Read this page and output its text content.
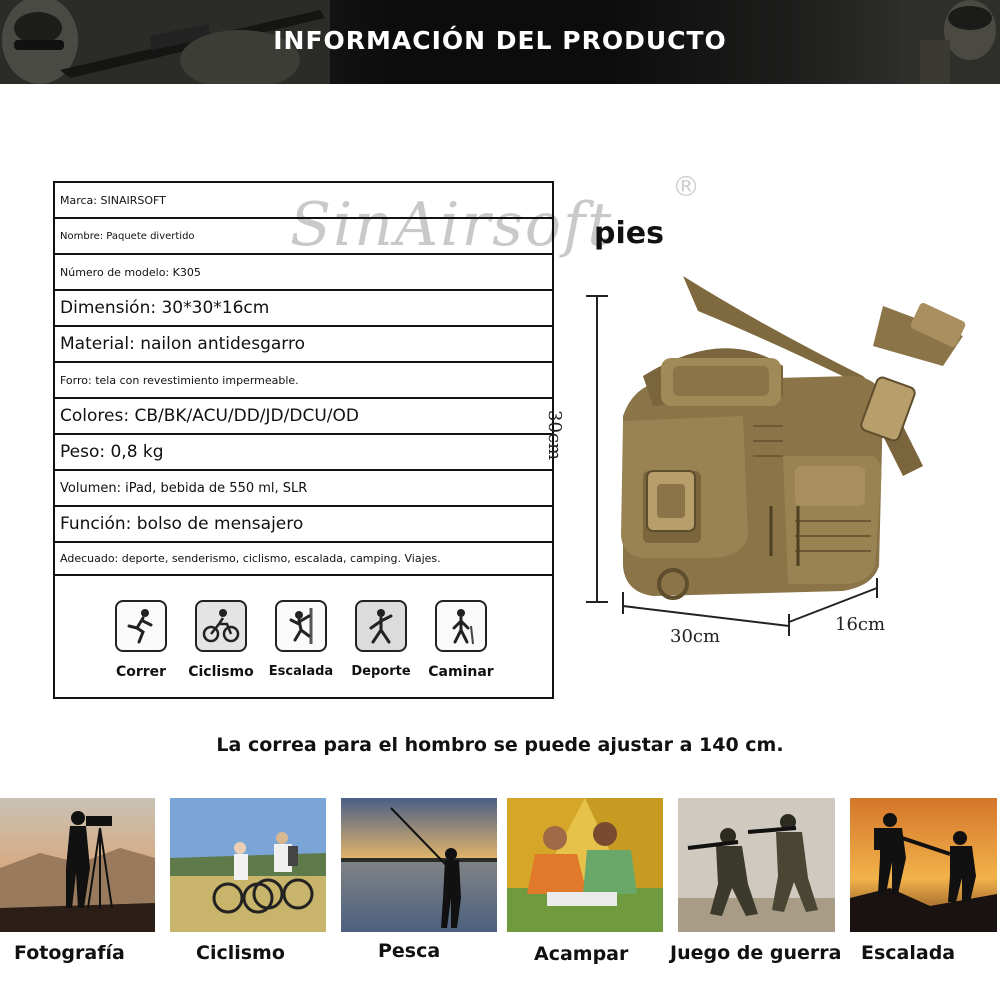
INFORMACIÓN DEL PRODUCTO
SinAirsoft
®
pies
Marca: SINAIRSOFT
Nombre: Paquete divertido
Número de modelo: K305
Dimensión: 30*30*16cm
Material: nailon antidesgarro
Forro: tela con revestimiento impermeable.
Colores: CB/BK/ACU/DD/JD/DCU/OD
Peso: 0,8 kg
Volumen: iPad, bebida de 550 ml, SLR
Función: bolso de mensajero
Adecuado: deporte, senderismo, ciclismo, escalada, camping. Viajes.
Correr	Ciclismo	Escalada	Deporte	Caminar
30cm
30cm
16cm
La correa para el hombro se puede ajustar a 140 cm.
Fotografía	Ciclismo	Pesca	Acampar Juego de guerra Escalada
